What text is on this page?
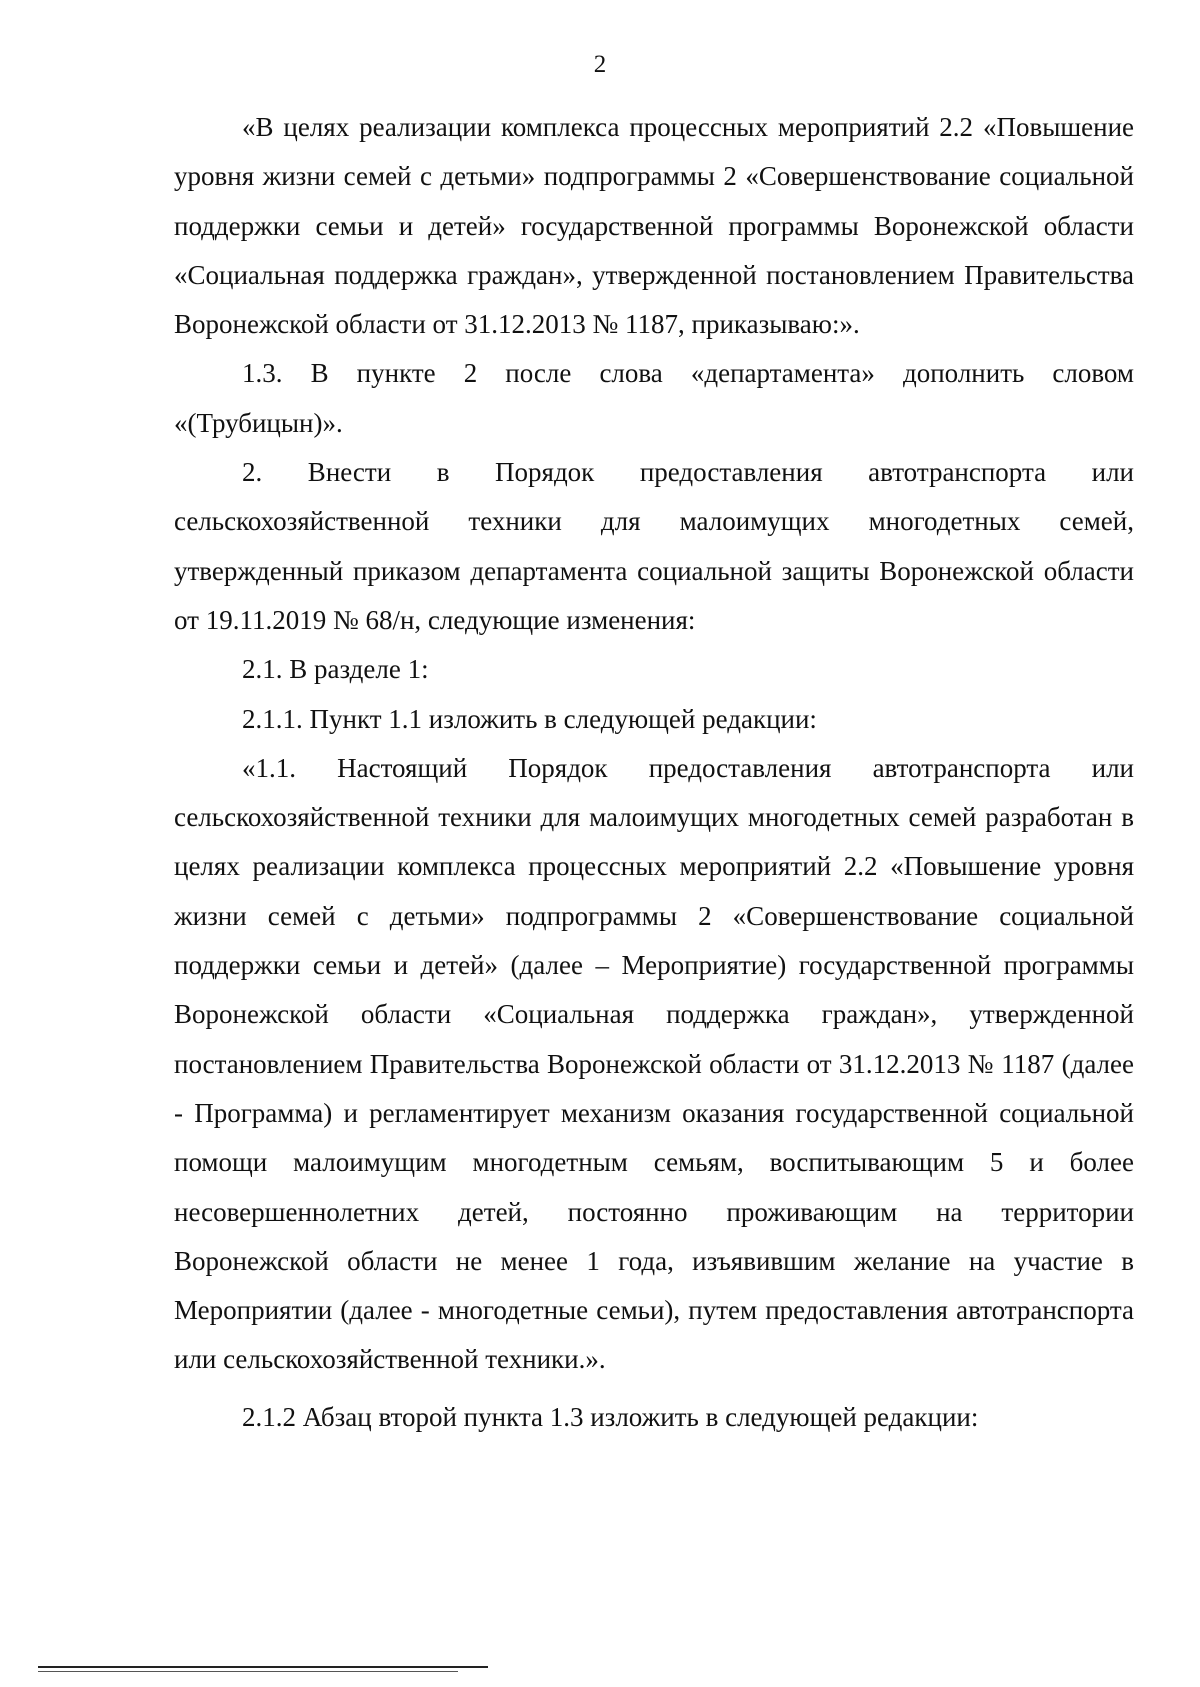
2

«В целях реализации комплекса процессных мероприятий 2.2 «Повышение уровня жизни семей с детьми» подпрограммы 2 «Совершенствование социальной поддержки семьи и детей» государственной программы Воронежской области «Социальная поддержка граждан», утвержденной постановлением Правительства Воронежской области от 31.12.2013 № 1187, приказываю:».

1.3. В пункте 2 после слова «департамента» дополнить словом «(Трубицын)».

2. Внести в Порядок предоставления автотранспорта или сельскохозяйственной техники для малоимущих многодетных семей, утвержденный приказом департамента социальной защиты Воронежской области от 19.11.2019 № 68/н, следующие изменения:

2.1. В разделе 1:

2.1.1. Пункт 1.1 изложить в следующей редакции:

«1.1. Настоящий Порядок предоставления автотранспорта или сельскохозяйственной техники для малоимущих многодетных семей разработан в целях реализации комплекса процессных мероприятий 2.2 «Повышение уровня жизни семей с детьми» подпрограммы 2 «Совершенствование социальной поддержки семьи и детей» (далее – Мероприятие) государственной программы Воронежской области «Социальная поддержка граждан», утвержденной постановлением Правительства Воронежской области от 31.12.2013 № 1187 (далее - Программа) и регламентирует механизм оказания государственной социальной помощи малоимущим многодетным семьям, воспитывающим 5 и более несовершеннолетних детей, постоянно проживающим на территории Воронежской области не менее 1 года, изъявившим желание на участие в Мероприятии (далее - многодетные семьи), путем предоставления автотранспорта или сельскохозяйственной техники.».

2.1.2 Абзац второй пункта 1.3 изложить в следующей редакции:
